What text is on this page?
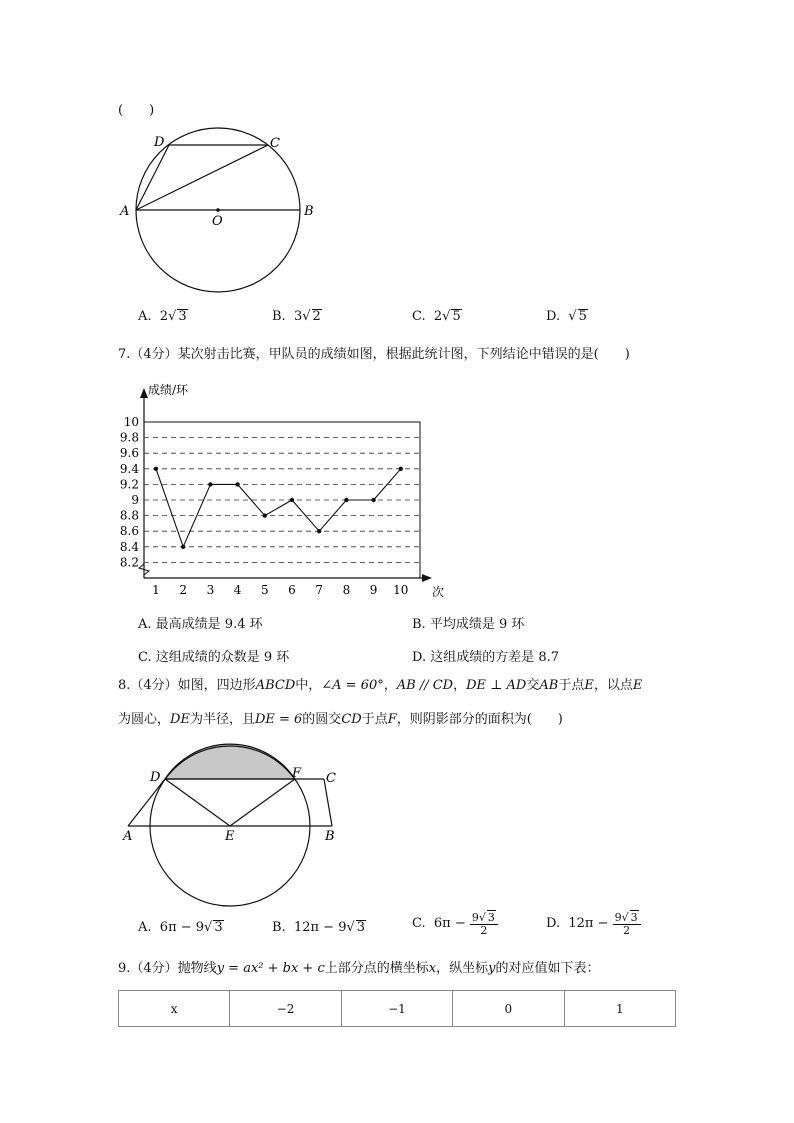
(　　)
D	C
A	B
O
A. 2√ 3	B. 3√ 2	C. 2√ 5	D. √ 5
7.（4分）某次射击比赛，甲队员的成绩如图，根据此统计图，下列结论中错误的是(　　)
成绩/环
次
8.2
8.4
8.6
8.8
9
9.2
9.4
9.6
9.8
10
1 2 3 4 5 6 7 8 9 10
A. 最高成绩是 9.4 环	B. 平均成绩是 9 环
C. 这组成绩的众数是 9 环	D. 这组成绩的方差是 8.7
8.（4分）如图，四边形ABCD中，∠A = 60°，AB // CD，DE ⊥ AD交AB于点E，以点E
为圆心，DE为半径，且DE = 6的圆交CD于点F，则阴影部分的面积为(　　)
D	F C
A	E	B
A. 6π − 9√ 3	B. 12π − 9√ 3	C. $6\pi - \frac{9√ 3}{2}$	D. $12\pi - \frac{9√ 3}{2}$
9.（4分）抛物线y = ax² + bx + c上部分点的横坐标x，纵坐标y的对应值如下表：
x	−2	−1	0	1
